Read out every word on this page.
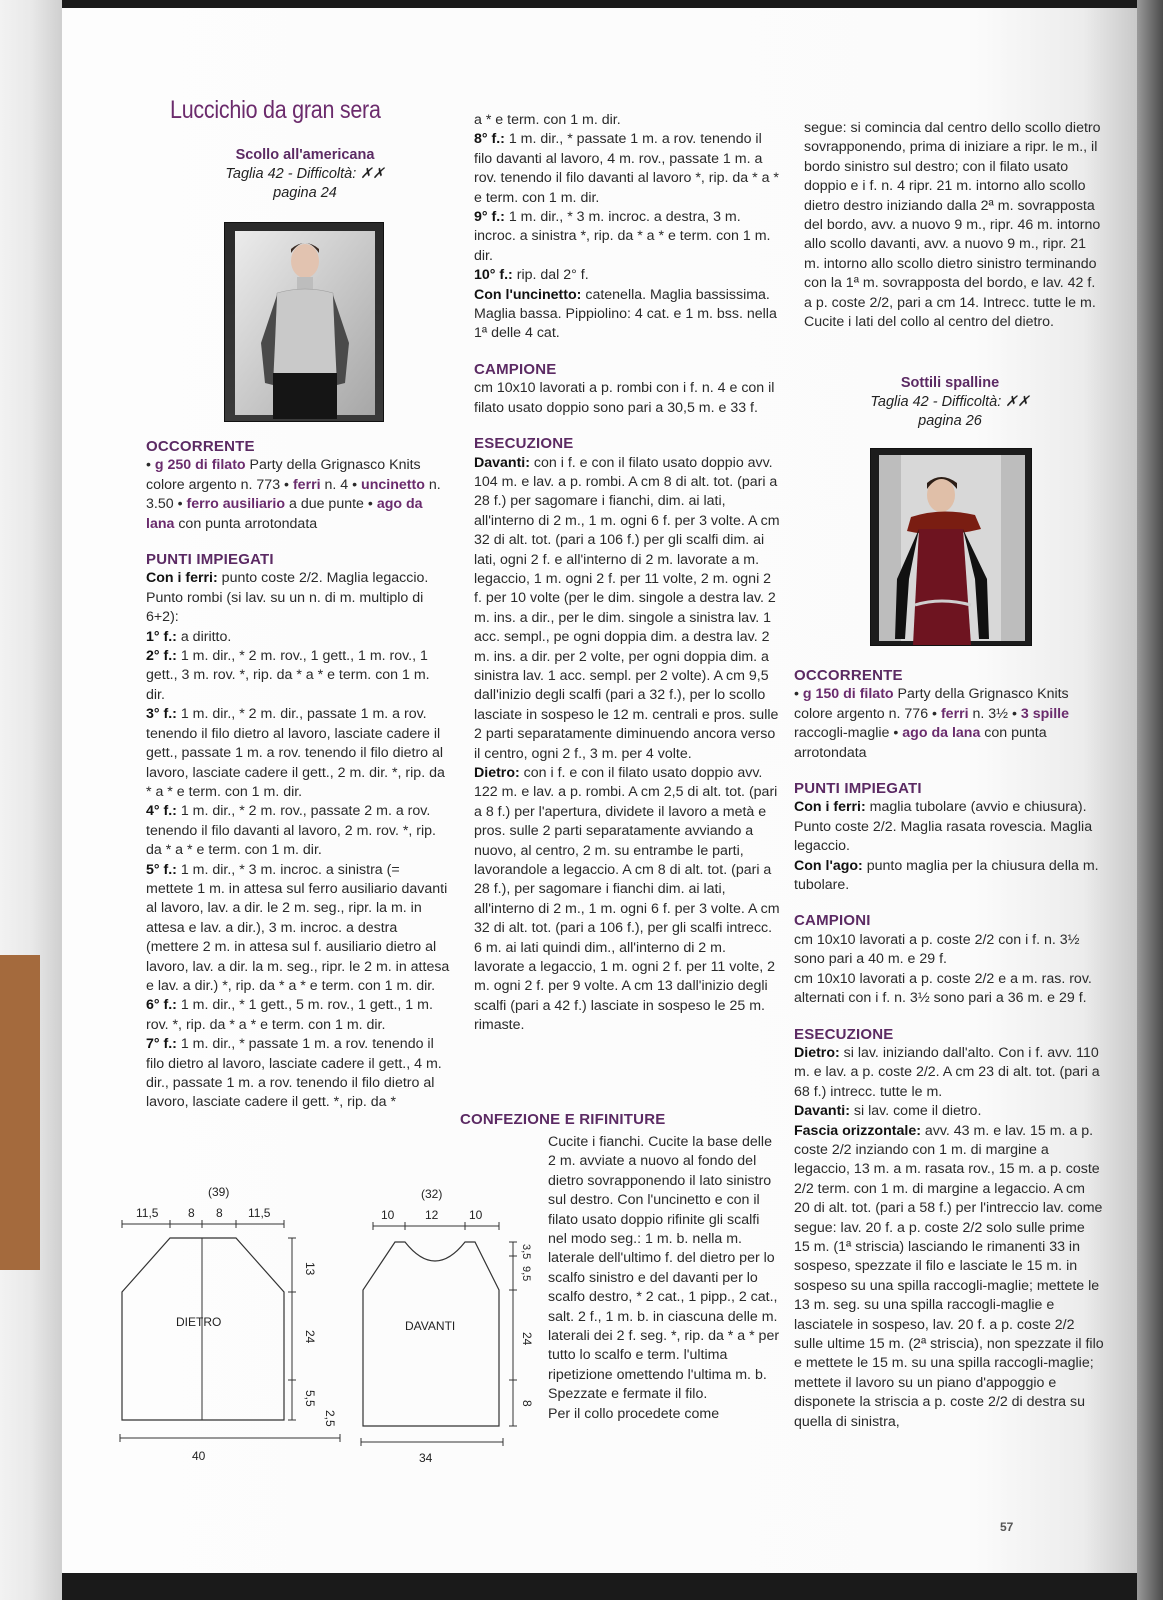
Luccichio da gran sera
Scollo all'americana
Taglia 42 - Difficoltà: ✗✗
pagina 24

OCCORRENTE

• g 250 di filato Party della Grignasco Knits colore argento n. 773 • ferri n. 4 • uncinetto n. 3.50 • ferro ausiliario a due punte • ago da lana con punta arrotondata

PUNTI IMPIEGATI

Con i ferri: punto coste 2/2. Maglia legaccio. Punto rombi (si lav. su un n. di m. multiplo di 6+2):

1° f.: a diritto.

2° f.: 1 m. dir., * 2 m. rov., 1 gett., 1 m. rov., 1 gett., 3 m. rov. *, rip. da * a * e term. con 1 m. dir.

3° f.: 1 m. dir., * 2 m. dir., passate 1 m. a rov. tenendo il filo dietro al lavoro, lasciate cadere il gett., passate 1 m. a rov. tenendo il filo dietro al lavoro, lasciate cadere il gett., 2 m. dir. *, rip. da * a * e term. con 1 m. dir.

4° f.: 1 m. dir., * 2 m. rov., passate 2 m. a rov. tenendo il filo davanti al lavoro, 2 m. rov. *, rip. da * a * e term. con 1 m. dir.

5° f.: 1 m. dir., * 3 m. incroc. a sinistra (= mettete 1 m. in attesa sul ferro ausiliario davanti al lavoro, lav. a dir. le 2 m. seg., ripr. la m. in attesa e lav. a dir.), 3 m. incroc. a destra (mettere 2 m. in attesa sul f. ausiliario dietro al lavoro, lav. a dir. la m. seg., ripr. le 2 m. in attesa e lav. a dir.) *, rip. da * a * e term. con 1 m. dir.

6° f.: 1 m. dir., * 1 gett., 5 m. rov., 1 gett., 1 m. rov. *, rip. da * a * e term. con 1 m. dir.

7° f.: 1 m. dir., * passate 1 m. a rov. tenendo il filo dietro al lavoro, lasciate cadere il gett., 4 m. dir., passate 1 m. a rov. tenendo il filo dietro al lavoro, lasciate cadere il gett. *, rip. da *

a * e term. con 1 m. dir.

8° f.: 1 m. dir., * passate 1 m. a rov. tenendo il filo davanti al lavoro, 4 m. rov., passate 1 m. a rov. tenendo il filo davanti al lavoro *, rip. da * a * e term. con 1 m. dir.

9° f.: 1 m. dir., * 3 m. incroc. a destra, 3 m. incroc. a sinistra *, rip. da * a * e term. con 1 m. dir.

10° f.: rip. dal 2° f.

Con l'uncinetto: catenella. Maglia bassissima. Maglia bassa. Pippiolino: 4 cat. e 1 m. bss. nella 1ª delle 4 cat.

CAMPIONE

cm 10x10 lavorati a p. rombi con i f. n. 4 e con il filato usato doppio sono pari a 30,5 m. e 33 f.

ESECUZIONE

Davanti: con i f. e con il filato usato doppio avv. 104 m. e lav. a p. rombi. A cm 8 di alt. tot. (pari a 28 f.) per sagomare i fianchi, dim. ai lati, all'interno di 2 m., 1 m. ogni 6 f. per 3 volte. A cm 32 di alt. tot. (pari a 106 f.) per gli scalfi dim. ai lati, ogni 2 f. e all'interno di 2 m. lavorate a m. legaccio, 1 m. ogni 2 f. per 11 volte, 2 m. ogni 2 f. per 10 volte (per le dim. singole a destra lav. 2 m. ins. a dir., per le dim. singole a sinistra lav. 1 acc. sempl., pe ogni doppia dim. a destra lav. 2 m. ins. a dir. per 2 volte, per ogni doppia dim. a sinistra lav. 1 acc. sempl. per 2 volte). A cm 9,5 dall'inizio degli scalfi (pari a 32 f.), per lo scollo lasciate in sospeso le 12 m. centrali e pros. sulle 2 parti separatamente diminuendo ancora verso il centro, ogni 2 f., 3 m. per 4 volte.

Dietro: con i f. e con il filato usato doppio avv. 122 m. e lav. a p. rombi. A cm 2,5 di alt. tot. (pari a 8 f.) per l'apertura, dividete il lavoro a metà e pros. sulle 2 parti separatamente avviando a nuovo, al centro, 2 m. su entrambe le parti, lavorandole a legaccio. A cm 8 di alt. tot. (pari a 28 f.), per sagomare i fianchi dim. ai lati, all'interno di 2 m., 1 m. ogni 6 f. per 3 volte. A cm 32 di alt. tot. (pari a 106 f.), per gli scalfi intrecc. 6 m. ai lati quindi dim., all'interno di 2 m. lavorate a legaccio, 1 m. ogni 2 f. per 11 volte, 2 m. ogni 2 f. per 9 volte. A cm 13 dall'inizio degli scalfi (pari a 42 f.) lasciate in sospeso le 25 m. rimaste.

CONFEZIONE E RIFINITURE

Cucite i fianchi. Cucite la base delle 2 m. avviate a nuovo al fondo del dietro sovrapponendo il lato sinistro sul destro. Con l'uncinetto e con il filato usato doppio rifinite gli scalfi nel modo seg.: 1 m. b. nella m. laterale dell'ultimo f. del dietro per lo scalfo sinistro e del davanti per lo scalfo destro, * 2 cat., 1 pipp., 2 cat., salt. 2 f., 1 m. b. in ciascuna delle m. laterali dei 2 f. seg. *, rip. da * a * per tutto lo scalfo e term. l'ultima ripetizione omettendo l'ultima m. b. Spezzate e fermate il filo.

Per il collo procedete come

(39)
11,5 8 8 11,5
DIETRO
13
24
5,5
2,5
40
(32)
10	12	10
DAVANTI
3,5
9,5
24
8
34

segue: si comincia dal centro dello scollo dietro sovrapponendo, prima di iniziare a ripr. le m., il bordo sinistro sul destro; con il filato usato doppio e i f. n. 4 ripr. 21 m. intorno allo scollo dietro destro iniziando dalla 2ª m. sovrapposta del bordo, avv. a nuovo 9 m., ripr. 46 m. intorno allo scollo davanti, avv. a nuovo 9 m., ripr. 21 m. intorno allo scollo dietro sinistro terminando con la 1ª m. sovrapposta del bordo, e lav. 42 f. a p. coste 2/2, pari a cm 14. Intrecc. tutte le m. Cucite i lati del collo al centro del dietro.

Sottili spalline
Taglia 42 - Difficoltà: ✗✗
pagina 26

OCCORRENTE

• g 150 di filato Party della Grignasco Knits colore argento n. 776 • ferri n. 3½ • 3 spille raccogli-maglie • ago da lana con punta arrotondata

PUNTI IMPIEGATI

Con i ferri: maglia tubolare (avvio e chiusura). Punto coste 2/2. Maglia rasata rovescia. Maglia legaccio.

Con l'ago: punto maglia per la chiusura della m. tubolare.

CAMPIONI

cm 10x10 lavorati a p. coste 2/2 con i f. n. 3½ sono pari a 40 m. e 29 f.

cm 10x10 lavorati a p. coste 2/2 e a m. ras. rov. alternati con i f. n. 3½ sono pari a 36 m. e 29 f.

ESECUZIONE

Dietro: si lav. iniziando dall'alto. Con i f. avv. 110 m. e lav. a p. coste 2/2. A cm 23 di alt. tot. (pari a 68 f.) intrecc. tutte le m.

Davanti: si lav. come il dietro.

Fascia orizzontale: avv. 43 m. e lav. 15 m. a p. coste 2/2 inziando con 1 m. di margine a legaccio, 13 m. a m. rasata rov., 15 m. a p. coste 2/2 term. con 1 m. di margine a legaccio. A cm 20 di alt. tot. (pari a 58 f.) per l'intreccio lav. come segue: lav. 20 f. a p. coste 2/2 solo sulle prime 15 m. (1ª striscia) lasciando le rimanenti 33 in sospeso, spezzate il filo e lasciate le 15 m. in sospeso su una spilla raccogli-maglie; mettete le 13 m. seg. su una spilla raccogli-maglie e lasciatele in sospeso, lav. 20 f. a p. coste 2/2 sulle ultime 15 m. (2ª striscia), non spezzate il filo e mettete le 15 m. su una spilla raccogli-maglie; mettete il lavoro su un piano d'appoggio e disponete la striscia a p. coste 2/2 di destra su quella di sinistra,

57
